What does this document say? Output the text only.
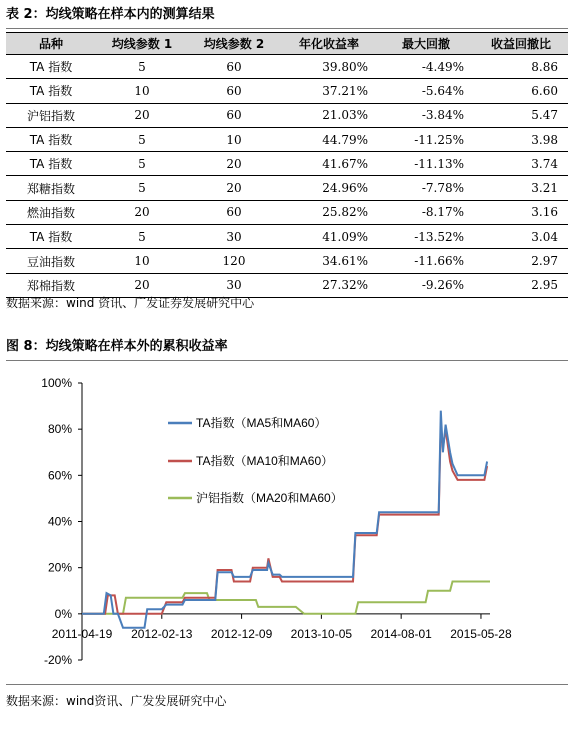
表 2：均线策略在样本内的测算结果
品种	均线参数 1	均线参数 2	年化收益率	最大回撤	收益回撤比
TA 指数	5	60	39.80%	-4.49%	8.86
TA 指数	10	60	37.21%	-5.64%	6.60
沪铝指数	20	60	21.03%	-3.84%	5.47
TA 指数	5	10	44.79%	-11.25%	3.98
TA 指数	5	20	41.67%	-11.13%	3.74
郑糖指数	5	20	24.96%	-7.78%	3.21
燃油指数	20	60	25.82%	-8.17%	3.16
TA 指数	5	30	41.09%	-13.52%	3.04
豆油指数	10	120	34.61%	-11.66%	2.97
郑棉指数	20	30	27.32%	-9.26%	2.95
数据来源：wind 资讯、广发证券发展研究中心
图 8：均线策略在样本外的累积收益率
-20%
0%
20%
40%
60%
80%
100%
2011-04-19 2012-02-13 2012-12-09 2013-10-05 2014-08-01 2015-05-28
TA指数（MA5和MA60）
TA指数（MA10和MA60）
沪铝指数（MA20和MA60）
数据来源：wind资讯、广发发展研究中心
